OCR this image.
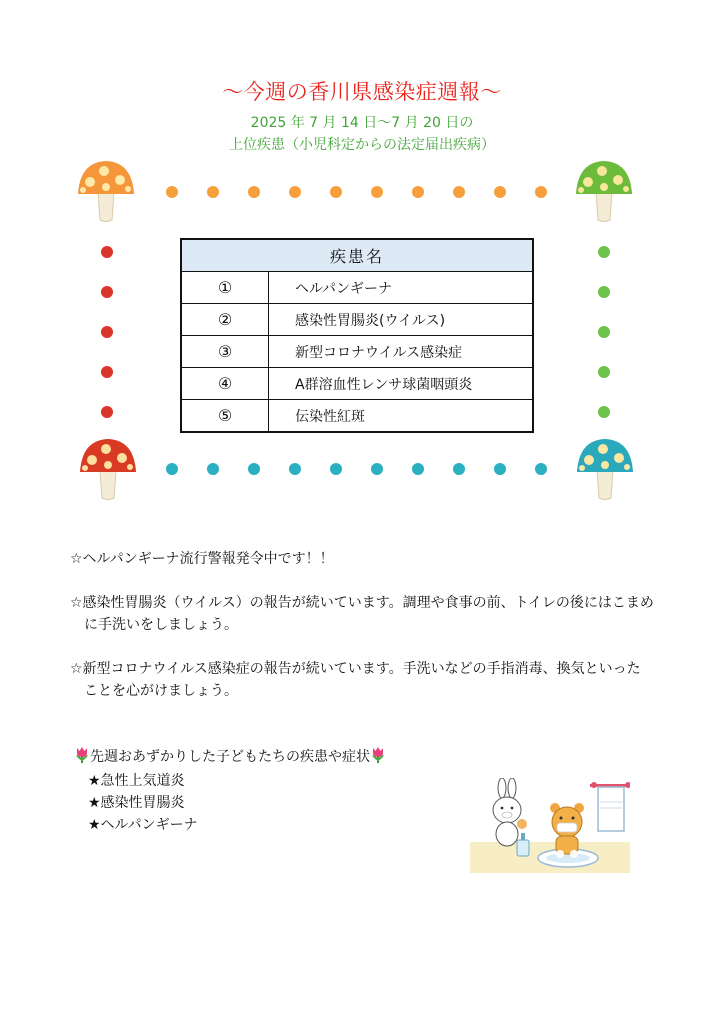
〜今週の香川県感染症週報〜
2025 年 7 月 14 日〜7 月 20 日の
上位疾患（小児科定からの法定届出疾病）
疾患名	
①	ヘルパンギーナ
②	感染性胃腸炎(ウイルス)
③	新型コロナウイルス感染症
④	A群溶血性レンサ球菌咽頭炎
⑤	伝染性紅斑
☆ヘルパンギーナ流行警報発令中です！！
☆感染性胃腸炎（ウイルス）の報告が続いています。調理や食事の前、トイレの後にはこまめ
に手洗いをしましょう。
☆新型コロナウイルス感染症の報告が続いています。手洗いなどの手指消毒、換気といった
ことを心がけましょう。
先週おあずかりした子どもたちの疾患や症状
★急性上気道炎
★感染性胃腸炎
★ヘルパンギーナ
